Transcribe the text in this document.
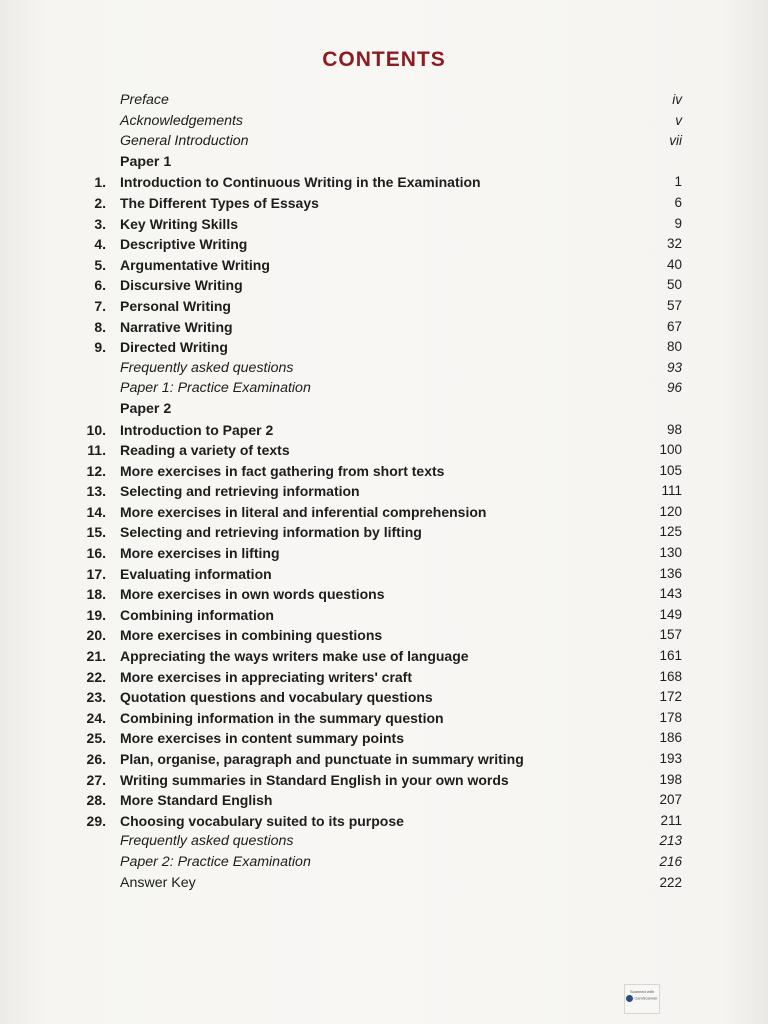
CONTENTS
Preface	iv
Acknowledgements	v
General Introduction	vii
Paper 1
1. Introduction to Continuous Writing in the Examination	1
2. The Different Types of Essays	6
3. Key Writing Skills	9
4. Descriptive Writing	32
5. Argumentative Writing	40
6. Discursive Writing	50
7. Personal Writing	57
8. Narrative Writing	67
9. Directed Writing	80
Frequently asked questions	93
Paper 1: Practice Examination	96
Paper 2
10. Introduction to Paper 2	98
11. Reading a variety of texts	100
12. More exercises in fact gathering from short texts	105
13. Selecting and retrieving information	111
14. More exercises in literal and inferential comprehension	120
15. Selecting and retrieving information by lifting	125
16. More exercises in lifting	130
17. Evaluating information	136
18. More exercises in own words questions	143
19. Combining information	149
20. More exercises in combining questions	157
21. Appreciating the ways writers make use of language	161
22. More exercises in appreciating writers' craft	168
23. Quotation questions and vocabulary questions	172
24. Combining information in the summary question	178
25. More exercises in content summary points	186
26. Plan, organise, paragraph and punctuate in summary writing	193
27. Writing summaries in Standard English in your own words	198
28. More Standard English	207
29. Choosing vocabulary suited to its purpose	211
Frequently asked questions	213
Paper 2: Practice Examination	216
Answer Key	222
Scanned with
CamScanner
